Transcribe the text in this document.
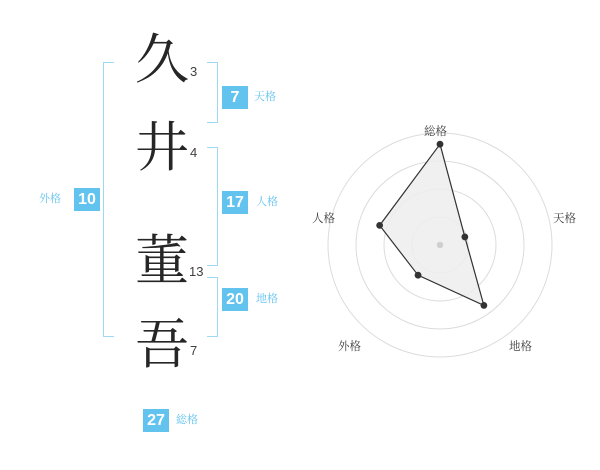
久
井
董
吾
3
4
13
7
10
外格
7	天格
17	人格
20	地格
27	総格
総格
天格
地格
外格
人格
